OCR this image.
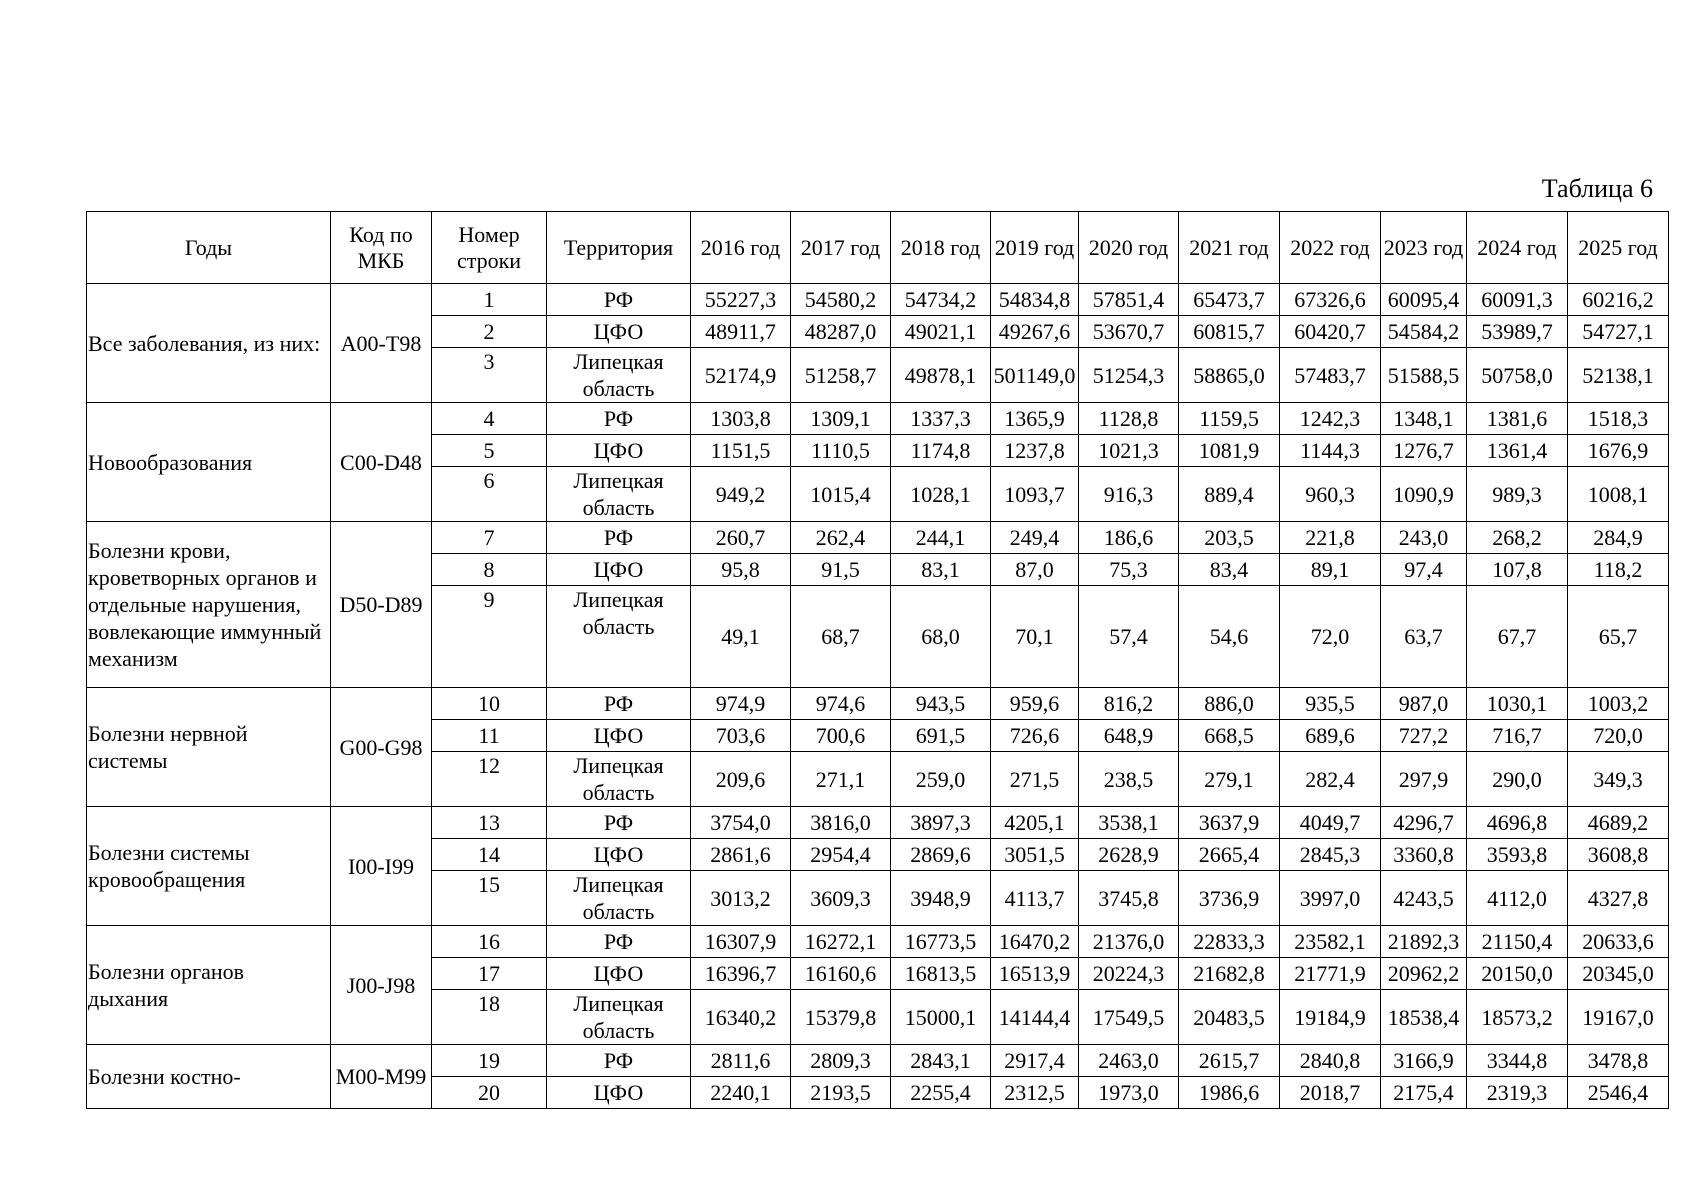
Таблица 6
Годы	Код по МКБ	Номер строки	Территория	2016 год	2017 год	2018 год	2019 год	2020 год	2021 год	2022 год	2023 год	2024 год	2025 год
Все заболевания, из них:	A00-T98	1	РФ	55227,3	54580,2	54734,2	54834,8	57851,4	65473,7	67326,6	60095,4	60091,3	60216,2
		2	ЦФО	48911,7	48287,0	49021,1	49267,6	53670,7	60815,7	60420,7	54584,2	53989,7	54727,1
		3	Липецкая область	52174,9	51258,7	49878,1	501149,0	51254,3	58865,0	57483,7	51588,5	50758,0	52138,1
Новообразования	C00-D48	4	РФ	1303,8	1309,1	1337,3	1365,9	1128,8	1159,5	1242,3	1348,1	1381,6	1518,3
		5	ЦФО	1151,5	1110,5	1174,8	1237,8	1021,3	1081,9	1144,3	1276,7	1361,4	1676,9
		6	Липецкая область	949,2	1015,4	1028,1	1093,7	916,3	889,4	960,3	1090,9	989,3	1008,1
Болезни крови, кроветворных органов и отдельные нарушения, вовлекающие иммунный механизм	D50-D89	7	РФ	260,7	262,4	244,1	249,4	186,6	203,5	221,8	243,0	268,2	284,9
		8	ЦФО	95,8	91,5	83,1	87,0	75,3	83,4	89,1	97,4	107,8	118,2
		9	Липецкая область	49,1	68,7	68,0	70,1	57,4	54,6	72,0	63,7	67,7	65,7
Болезни нервной системы	G00-G98	10	РФ	974,9	974,6	943,5	959,6	816,2	886,0	935,5	987,0	1030,1	1003,2
		11	ЦФО	703,6	700,6	691,5	726,6	648,9	668,5	689,6	727,2	716,7	720,0
		12	Липецкая область	209,6	271,1	259,0	271,5	238,5	279,1	282,4	297,9	290,0	349,3
Болезни системы кровообращения	I00-I99	13	РФ	3754,0	3816,0	3897,3	4205,1	3538,1	3637,9	4049,7	4296,7	4696,8	4689,2
		14	ЦФО	2861,6	2954,4	2869,6	3051,5	2628,9	2665,4	2845,3	3360,8	3593,8	3608,8
		15	Липецкая область	3013,2	3609,3	3948,9	4113,7	3745,8	3736,9	3997,0	4243,5	4112,0	4327,8
Болезни органов дыхания	J00-J98	16	РФ	16307,9	16272,1	16773,5	16470,2	21376,0	22833,3	23582,1	21892,3	21150,4	20633,6
		17	ЦФО	16396,7	16160,6	16813,5	16513,9	20224,3	21682,8	21771,9	20962,2	20150,0	20345,0
		18	Липецкая область	16340,2	15379,8	15000,1	14144,4	17549,5	20483,5	19184,9	18538,4	18573,2	19167,0
Болезни костно-	M00-M99	19	РФ	2811,6	2809,3	2843,1	2917,4	2463,0	2615,7	2840,8	3166,9	3344,8	3478,8
		20	ЦФО	2240,1	2193,5	2255,4	2312,5	1973,0	1986,6	2018,7	2175,4	2319,3	2546,4
